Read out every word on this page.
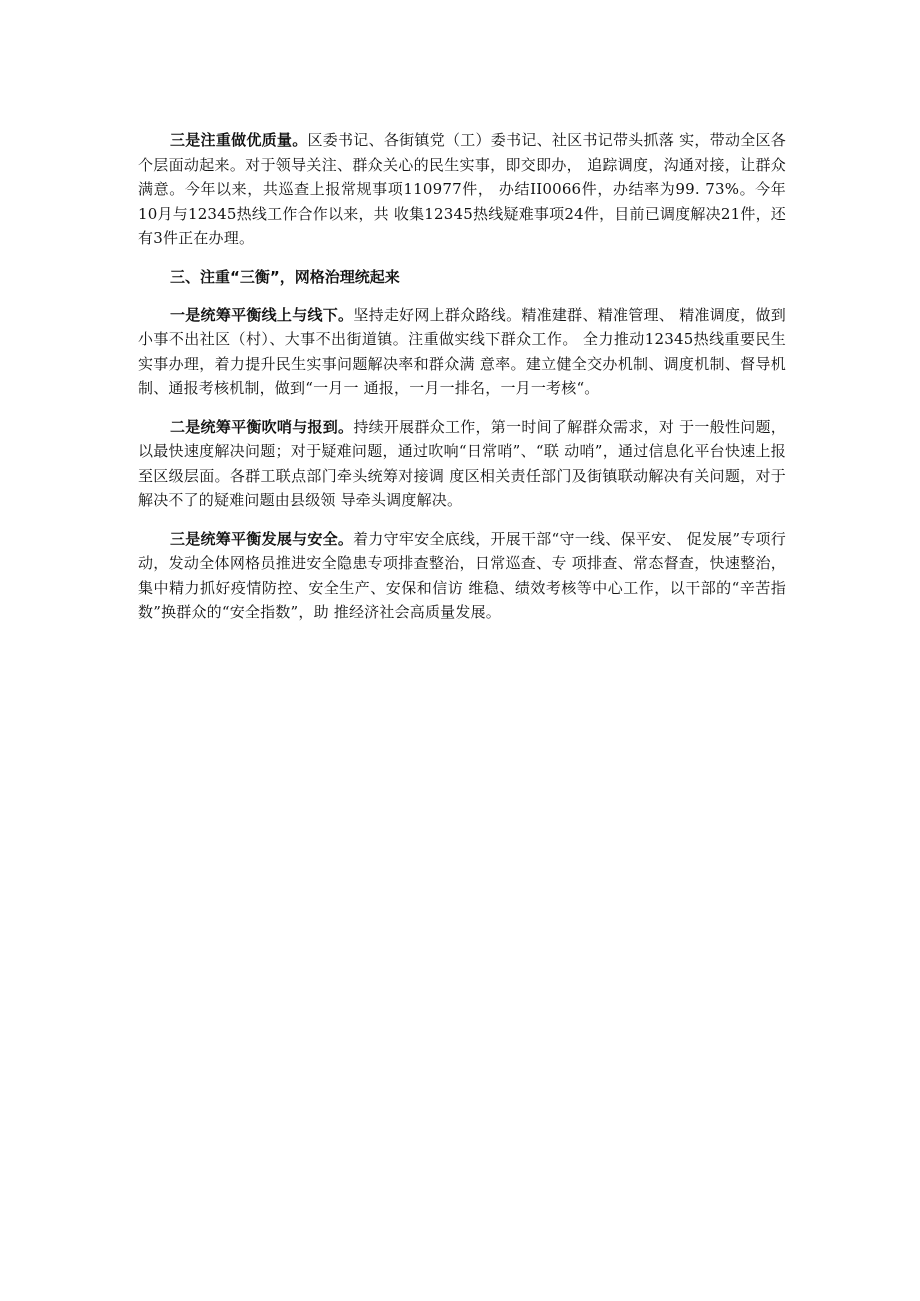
三是注重做优质量。区委书记、各街镇党（工）委书记、社区书记带头抓落 实，带动全区各个层面动起来。对于领导关注、群众关心的民生实事，即交即办， 追踪调度，沟通对接，让群众满意。今年以来，共巡查上报常规事项110977件， 办结II0066件，办结率为99. 73%。今年10月与12345热线工作合作以来，共 收集12345热线疑难事项24件，目前已调度解决21件，还有3件正在办理。

三、注重“三衡”，网格治理统起来

一是统筹平衡线上与线下。坚持走好网上群众路线。精准建群、精准管理、 精准调度，做到小事不出社区（村）、大事不出街道镇。注重做实线下群众工作。 全力推动12345热线重要民生实事办理，着力提升民生实事问题解决率和群众满 意率。建立健全交办机制、调度机制、督导机制、通报考核机制，做到“一月一 通报，一月一排名，一月一考核“。

二是统筹平衡吹哨与报到。持续开展群众工作，第一时间了解群众需求，对 于一般性问题，以最快速度解决问题；对于疑难问题，通过吹响“日常哨”、“联 动哨”，通过信息化平台快速上报至区级层面。各群工联点部门牵头统筹对接调 度区相关责任部门及街镇联动解决有关问题，对于解决不了的疑难问题由县级领 导牵头调度解决。

三是统筹平衡发展与安全。着力守牢安全底线，开展干部“守一线、保平安、 促发展”专项行动，发动全体网格员推进安全隐患专项排查整治，日常巡查、专 项排查、常态督查，快速整治，集中精力抓好疫情防控、安全生产、安保和信访 维稳、绩效考核等中心工作，以干部的“辛苦指数”换群众的“安全指数”，助 推经济社会高质量发展。
